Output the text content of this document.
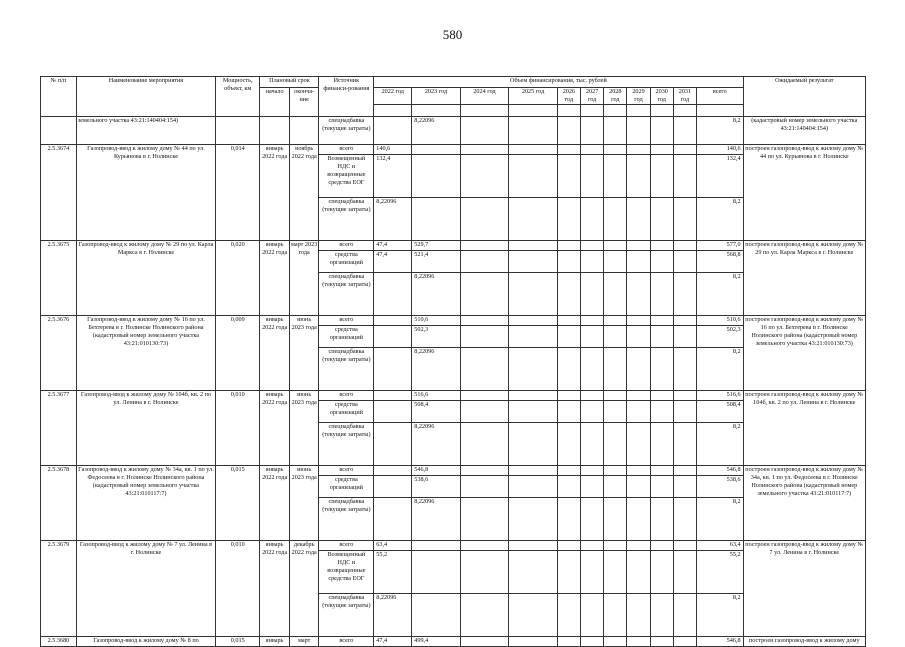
580
№ п/п	Наименование мероприятия	Мощность, объект, км	Плановый срок		Источник финанси-рования	Объем финансирования, тыс. рублей											Ожидаемый результат
			начало	оконча-ние		2022 год	2023 год	2024 год	2025 год	2026 год	2027 год	2028 год	2029 год	2030 год	2031 год	всего	

	земельного участка 43:21:140404:154)				спецнадбавка (текущие затраты)		8,22096									8,2	(кадастровый номер земельного участка 43:21:140404:154)
2.5.3674	Газопровод-ввод к жилому дому № 44 по ул. Курьянова в г. Нолинске	0,014	январь 2022 года	ноябрь 2022 года	всего	140,6										140,6	построен газопровод-ввод к жилому дому № 44 по ул. Курьянова в г. Нолинске
					Возмещенный НДС и возвращенные средства ЕОГ	132,4										132,4	
					спецнадбавка (текущие затраты)	8,22096										8,2	
2.5.3675	Газопровод-ввод к жилому дому № 29 по ул. Карла Маркса в г. Нолинске	0,020	январь 2022 года	март 2023 года	всего	47,4	529,7									577,0	построен газопровод-ввод к жилому дому № 29 по ул. Карла Маркса в г. Нолинске
					средства организаций	47,4	521,4									568,8	
					спецнадбавка (текущие затраты)		8,22096									8,2	
2.5.3676	Газопровод-ввод к жилому дому № 16 по ул. Бехтерева в г. Нолинске Нолинского района (кадастровый номер земельного участка 43:21:010130:73)	0,009	январь 2022 года	июнь 2023 года	всего		510,6									510,6	построен газопровод-ввод к жилому дому № 16 по ул. Бехтерева в г. Нолинске Нолинского района (кадастровый номер земельного участка 43:21:010130:73)
					средства организаций		502,3									502,3	
					спецнадбавка (текущие затраты)		8,22096									8,2	
2.5.3677	Газопровод-ввод к жилому дому № 104б, кв. 2 по ул. Ленина в г. Нолинске	0,010	январь 2022 года	июнь 2023 года	всего		516,6									516,6	построен газопровод-ввод к жилому дому № 104б, кв. 2 по ул. Ленина в г. Нолинске
					средства организаций		508,4									508,4	
					спецнадбавка (текущие затраты)		8,22096									8,2	
2.5.3678	Газопровод-ввод к жилому дому № 34а, кв. 1 по ул. Федосеева в г. Нолинске Нолинского района (кадастровый номер земельного участка 43:21:010117:7)	0,015	январь 2022 года	июнь 2023 года	всего		546,8									546,8	построен газопровод-ввод к жилому дому № 34а, кв. 1 по ул. Федосеева в г. Нолинске Нолинского района (кадастровый номер земельного участка 43:21:010117:7)
					средства организаций		538,6									538,6	
					спецнадбавка (текущие затраты)		8,22096									8,2	
2.5.3679	Газопровод-ввод к жилому дому № 7 ул. Ленина в г. Нолинске	0,010	январь 2022 года	декабрь 2022 года	всего	63,4										63,4	построен газопровод-ввод к жилому дому № 7 ул. Ленина в г. Нолинске
					Возмещенный НДС и возвращенные средства ЕОГ	55,2										55,2	
					спецнадбавка (текущие затраты)	8,22096										8,2	
2.5.3680	Газопровод-ввод к жилому дому № 8 по	0,015	январь	март	всего	47,4	499,4									546,8	построен газопровод-ввод к жилому дому
